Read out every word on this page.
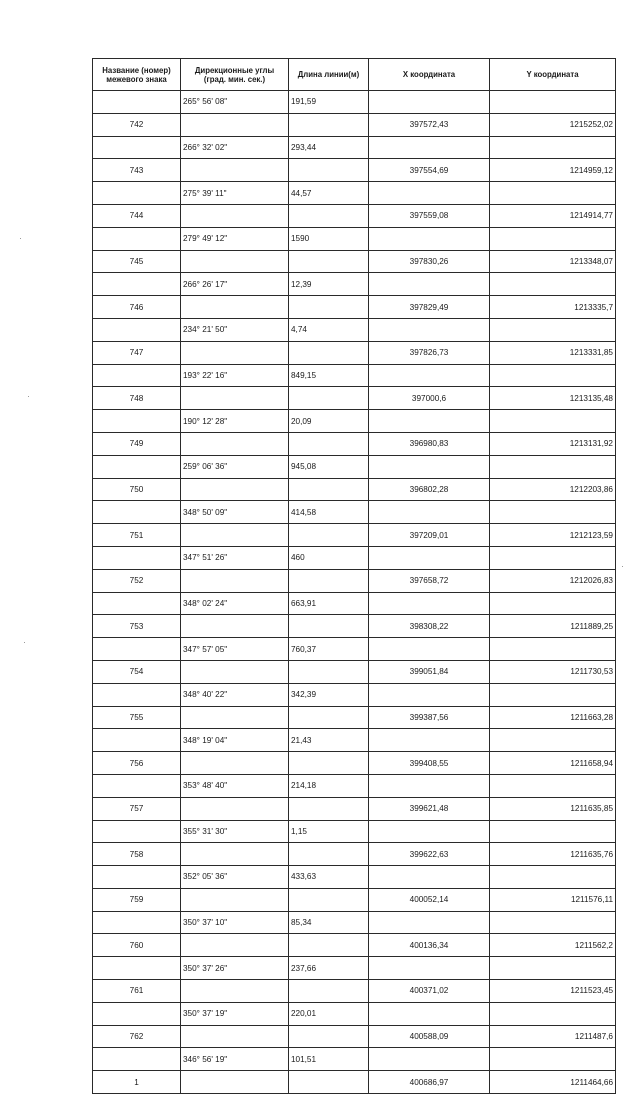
Название (номер) межевого знака	Дирекционные углы (град. мин. сек.)	Длина линии(м)	X координата	Y координата
	265° 56' 08"	191,59		
742			397572,43	1215252,02
	266° 32' 02"	293,44		
743			397554,69	1214959,12
	275° 39' 11"	44,57		
744			397559,08	1214914,77
	279° 49' 12"	1590		
745			397830,26	1213348,07
	266° 26' 17"	12,39		
746			397829,49	1213335,7
	234° 21' 50"	4,74		
747			397826,73	1213331,85
	193° 22' 16"	849,15		
748			397000,6	1213135,48
	190° 12' 28"	20,09		
749			396980,83	1213131,92
	259° 06' 36"	945,08		
750			396802,28	1212203,86
	348° 50' 09"	414,58		
751			397209,01	1212123,59
	347° 51' 26"	460		
752			397658,72	1212026,83
	348° 02' 24"	663,91		
753			398308,22	1211889,25
	347° 57' 05"	760,37		
754			399051,84	1211730,53
	348° 40' 22"	342,39		
755			399387,56	1211663,28
	348° 19' 04"	21,43		
756			399408,55	1211658,94
	353° 48' 40"	214,18		
757			399621,48	1211635,85
	355° 31' 30"	1,15		
758			399622,63	1211635,76
	352° 05' 36"	433,63		
759			400052,14	1211576,11
	350° 37' 10"	85,34		
760			400136,34	1211562,2
	350° 37' 26"	237,66		
761			400371,02	1211523,45
	350° 37' 19"	220,01		
762			400588,09	1211487,6
	346° 56' 19"	101,51		
1			400686,97	1211464,66
